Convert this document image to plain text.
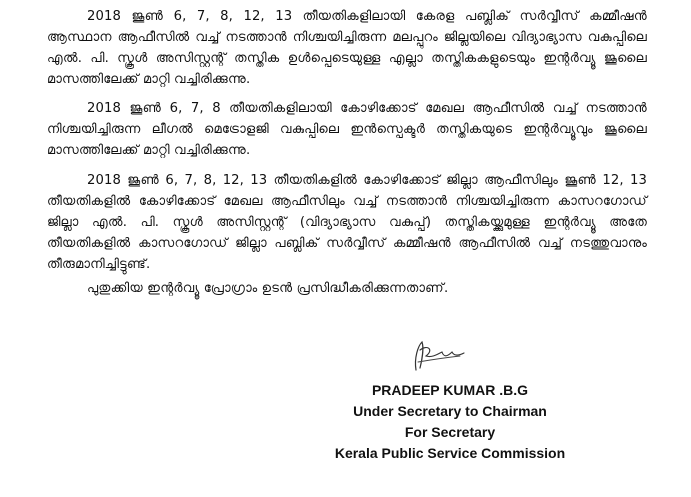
2018 ജൂൺ 6, 7, 8, 12, 13 തീയതികളിലായി കേരള പബ്ലിക് സർവ്വീസ് കമ്മീഷൻ ആസ്ഥാന ആഫീസിൽ വച്ച് നടത്താൻ നിശ്ചയിച്ചിരുന്ന മലപ്പുറം ജില്ലയിലെ വിദ്യാഭ്യാസ വകുപ്പിലെ എൽ. പി. സ്കൂൾ അസിസ്റ്റന്റ് തസ്തിക ഉൾപ്പെടെയുള്ള എല്ലാ തസ്തികകളുടെയും ഇന്റർവ്യൂ ജൂലൈ മാസത്തിലേക്ക് മാറ്റി വച്ചിരിക്കുന്നു.

2018 ജൂൺ 6, 7, 8 തീയതികളിലായി കോഴിക്കോട് മേഖല ആഫീസിൽ വച്ച് നടത്താൻ നിശ്ചയിച്ചിരുന്ന ലീഗൽ മെട്രോളജി വകുപ്പിലെ ഇൻസ്പെക്ടർ തസ്തികയുടെ ഇന്റർവ്യൂവും ജൂലൈ മാസത്തിലേക്ക് മാറ്റി വച്ചിരിക്കുന്നു.

2018 ജൂൺ 6, 7, 8, 12, 13 തീയതികളിൽ കോഴിക്കോട് ജില്ലാ ആഫീസിലും ജൂൺ 12, 13 തീയതികളിൽ കോഴിക്കോട് മേഖല ആഫീസിലും വച്ച് നടത്താൻ നിശ്ചയിച്ചിരുന്ന കാസറഗോഡ് ജില്ലാ എൽ. പി. സ്കൂൾ അസിസ്റ്റന്റ് (വിദ്യാഭ്യാസ വകുപ്പ്) തസ്തികയ്ക്കുമുള്ള ഇന്റർവ്യൂ അതേ തീയതികളിൽ കാസറഗോഡ് ജില്ലാ പബ്ലിക് സർവ്വീസ് കമ്മീഷൻ ആഫീസിൽ വച്ച് നടത്തുവാനും തീരുമാനിച്ചിട്ടുണ്ട്.

പുതുക്കിയ ഇന്റർവ്യൂ പ്രോഗ്രാം ഉടൻ പ്രസിദ്ധീകരിക്കുന്നതാണ്.

PRADEEP KUMAR .B.G
Under Secretary to Chairman
For Secretary
Kerala Public Service Commission
